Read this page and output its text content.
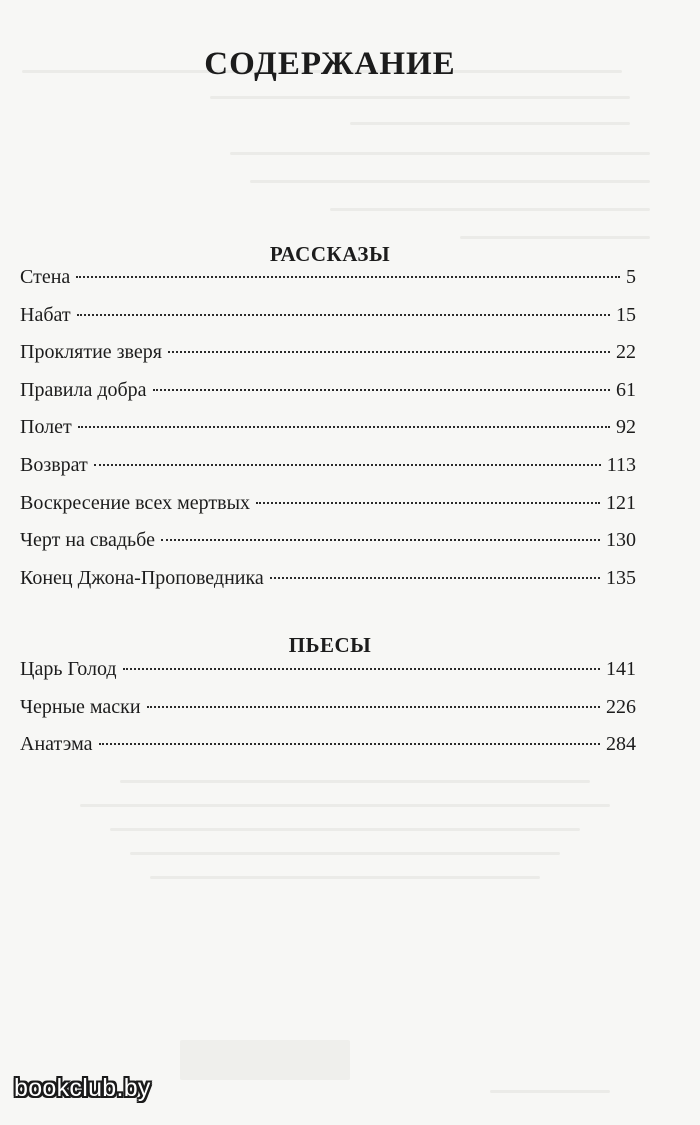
СОДЕРЖАНИЕ
РАССКАЗЫ
Стена	5
Набат	15
Проклятие зверя	22
Правила добра	61
Полет	92
Возврат	113
Воскресение всех мертвых	121
Черт на свадьбе	130
Конец Джона-Проповедника	135
ПЬЕСЫ
Царь Голод	141
Черные маски	226
Анатэма	284
bookclub.by
